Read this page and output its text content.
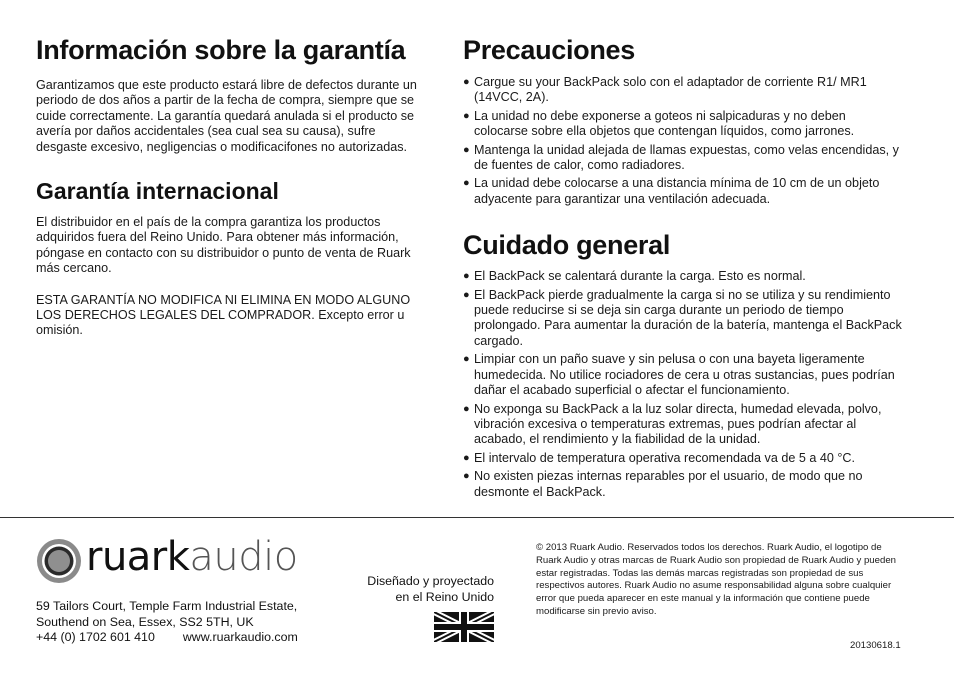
Información sobre la garantía

Garantizamos que este producto estará libre de defectos durante un periodo de dos años a partir de la fecha de compra, siempre que se cuide correctamente. La garantía quedará anulada si el producto se avería por daños accidentales (sea cual sea su causa), sufre desgaste excesivo, negligencias o modificacifones no autorizadas.

Garantía internacional

El distribuidor en el país de la compra garantiza los productos adquiridos fuera del Reino Unido. Para obtener más información, póngase en contacto con su distribuidor o punto de venta de Ruark más cercano.

ESTA GARANTÍA NO MODIFICA NI ELIMINA EN MODO ALGUNO LOS DERECHOS LEGALES DEL COMPRADOR. Excepto error u omisión.

Precauciones
● Cargue su your BackPack solo con el adaptador de corriente R1/ MR1 (14VCC, 2A).
● La unidad no debe exponerse a goteos ni salpicaduras y no deben colocarse sobre ella objetos que contengan líquidos, como jarrones.
● Mantenga la unidad alejada de llamas expuestas, como velas encendidas, y de fuentes de calor, como radiadores.
● La unidad debe colocarse a una distancia mínima de 10 cm de un objeto adyacente para garantizar una ventilación adecuada.
Cuidado general
● El BackPack se calentará durante la carga. Esto es normal.
● El BackPack pierde gradualmente la carga si no se utiliza y su rendimiento puede reducirse si se deja sin carga durante un periodo de tiempo prolongado. Para aumentar la duración de la batería, mantenga el BackPack cargado.
● Limpiar con un paño suave y sin pelusa o con una bayeta ligeramente humedecida. No utilice rociadores de cera u otras sustancias, pues podrían dañar el acabado superficial o afectar el funcionamiento.
● No exponga su BackPack a la luz solar directa, humedad elevada, polvo, vibración excesiva o temperaturas extremas, pues podrían afectar al acabado, el rendimiento y la fiabilidad de la unidad.
● El intervalo de temperatura operativa recomendada va de 5 a 40 °C.
● No existen piezas internas reparables por el usuario, de modo que no desmonte el BackPack.
ruarkaudio
59 Tailors Court, Temple Farm Industrial Estate,
Southend on Sea, Essex, SS2 5TH, UK
+44 (0) 1702 601 410 www.ruarkaudio.com
Diseñado y proyectado
en el Reino Unido

© 2013 Ruark Audio. Reservados todos los derechos. Ruark Audio, el logotipo de Ruark Audio y otras marcas de Ruark Audio son propiedad de Ruark Audio y pueden estar registradas. Todas las demás marcas registradas son propiedad de sus respectivos autores. Ruark Audio no asume responsabilidad alguna sobre cualquier error que pueda aparecer en este manual y la información que contiene puede modificarse sin previo aviso.

20130618.1
